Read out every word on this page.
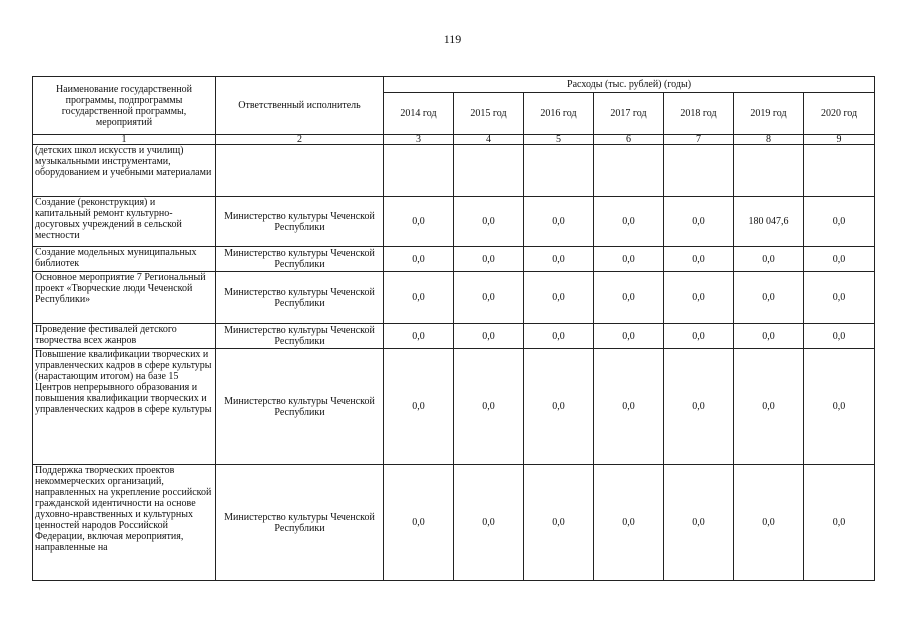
119
Наименование государственной программы, подпрограммы государственной программы, мероприятий	Ответственный исполнитель	Расходы (тыс. рублей) (годы)						
		2014 год	2015 год	2016 год	2017 год	2018 год	2019 год	2020 год
1	2	3	4	5	6	7	8	9
(детских школ искусств и училищ) музыкальными инструментами, оборудованием и учебными материалами								
Создание (реконструкция) и капитальный ремонт культурно-досуговых учреждений в сельской местности	Министерство культуры Чеченской Республики	0,0	0,0	0,0	0,0	0,0	180 047,6	0,0
Создание модельных муниципальных библиотек	Министерство культуры Чеченской Республики	0,0	0,0	0,0	0,0	0,0	0,0	0,0
Основное мероприятие 7 Региональный проект «Творческие люди Чеченской Республики»	Министерство культуры Чеченской Республики	0,0	0,0	0,0	0,0	0,0	0,0	0,0
Проведение фестивалей детского творчества всех жанров	Министерство культуры Чеченской Республики	0,0	0,0	0,0	0,0	0,0	0,0	0,0
Повышение квалификации творческих и управленческих кадров в сфере культуры (нарастающим итогом) на базе 15 Центров непрерывного образования и повышения квалификации творческих и управленческих кадров в сфере культуры	Министерство культуры Чеченской Республики	0,0	0,0	0,0	0,0	0,0	0,0	0,0
Поддержка творческих проектов некоммерческих организаций, направленных на укрепление российской гражданской идентичности на основе духовно-нравственных и культурных ценностей народов Российской Федерации, включая мероприятия, направленные на	Министерство культуры Чеченской Республики	0,0	0,0	0,0	0,0	0,0	0,0	0,0
